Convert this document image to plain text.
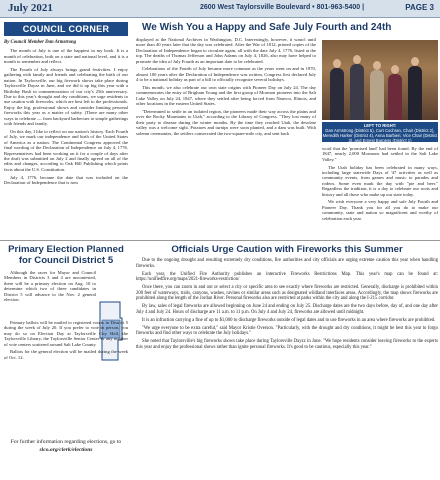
July 2021	2600 West Taylorsville Boulevard • 801-963-5400 |	PAGE 3
COUNCIL CORNER	We Wish You a Happy and Safe July Fourth and 24th
By Council Member Dan Armstrong

The month of July is one of the happiest in my book. It is a month of celebration, both on a state and national level, and it is a month to remember and reflect.

The Fourth of July always brings grand festivities. I enjoy gathering with family and friends and celebrating the birth of our nation. In Taylorsville, our big firework shows take place during Taylorsville Dayzz in June, and we did it up big this year with a Birthday Bash in commemoration of our city's 25th anniversary. Due to this year's drought and dry conditions, we urge residents to use caution with fireworks, which are best left to the professionals. Enjoy the big, professional shows and consider limiting personal fireworks this year as a matter of safety. (There are many other ways to celebrate — from backyard barbecues to simple gatherings with friends and family.

On this day, I like to reflect on our nation's history. Each Fourth of July, we mark our independence and birth of the United States of America as a nation. The Continental Congress approved the final wording of the Declaration of Independence on July 4, 1776. Representatives had been working on it for a couple of days after the draft was submitted on July 2 and finally agreed on all of the edits and changes, according to Oak Hill Publishing which prints facts about the U.S. Constitution.

July 4, 1776, became the date that was included on the Declaration of Independence that is now

displayed at the National Archives in Washington, D.C. Interestingly, however, it wasn't until more than 40 years later that the day was celebrated. After the War of 1812, printed copies of the Declaration of Independence began to circulate again, all with the date July 4, 1776, listed at the top. The deaths of Thomas Jefferson and John Adams on July 4, 1826, also may have helped to promote the idea of July Fourth as an important date to be celebrated.

Celebrations of the Fourth of July became more common as the years went on and in 1870, almost 100 years after the Declaration of Independence was written, Congress first declared July 4 to be a national holiday as part of a bill to officially recognize several holidays.

This month, we also celebrate our own state origins with Pioneer Day on July 24. The day commemorates the entry of Brigham Young and the first group of Mormon pioneers into the Salt Lake Valley on July 24, 1847, where they settled after being forced from Nauvoo, Illinois, and other locations in the eastern United States.

"Determined to settle in an isolated region, the pioneers made their way across the plains and over the Rocky Mountains to Utah," according to the Library of Congress. "They lost many of their party to disease during the winter months. By the time they reached Utah, the desolate valley was a welcome sight. Potatoes and turnips were soon planted, and a dam was built. With solemn ceremonies, the settlers consecrated the two-square-mile city, and sent back

LEFT TO RIGHT:
Dan Armstrong (District 5), Curt Cochran, Chair (District 2), Meredith Harker (District 4), Anna Barbieri, Vice Chair (District 3), and Ernest Burgess (District 1)

word that the 'promised land' had been found. By the end of 1847, nearly 2,000 Mormons had settled in the Salt Lake Valley."

The Utah holiday has been celebrated in many ways, including large statewide Days of '47 activities as well as community events, from games and music to parades and rodeos. Some even mark the day with "pie and beer." Regardless the tradition, it is a day to celebrate our roots and history and all those who make up our state today.

We wish everyone a very happy and safe July Fourth and Pioneer Day. Thank you for all you do to make our community, state and nation so magnificent and worthy of celebration each year.

Primary Election Planned for Council District 5

Although the races for Mayor and Council Members in Districts 3 and 4 are uncontested, there will be a primary election on Aug. 10 to determine which two of three candidates in District 5 will advance to the Nov. 2 general election.

Primary ballots will be mailed to registered voters in District 5 during the week of July 20. If you prefer to vote in person, you may do so on Election Day at Taylorsville City Hall, the Taylorsville Library, the Taylorsville Senior Center or any number of vote centers scattered around Salt Lake County.

Ballots for the general election will be mailed during the week of Oct. 12.

For further information regarding elections, go to
slco.org/clerk/elections
Officials Urge Caution with Fireworks this Summer

Due to the ongoing drought and resulting extremely dry conditions, fire authorities and city officials are urging extreme caution this year when handling fireworks.

Each year, the Unified Fire Authority publishes an interactive Fireworks Restrictions Map. This year's map can be found at: https://unifiedfire.org/maps/2021-fireworks-restriction/

Once there, you can zoom in and out or select a city or specific area to see exactly where fireworks are restricted. Generally, discharge is prohibited within 200 feet of waterways, trails, canyons, washes, ravines or similar areas such as designated wildland interfaces areas. Accordingly, the map shows fireworks are prohibited along the length of the Jordan River. Personal fireworks also are restricted at parks within the city and along the I-215 corridor.

By law, sales of legal fireworks are allowed beginning on June 24 and ending on July 25. Discharge dates are the two days before, day of, and one day after July 4 and July 24. Hours of discharge are 11 a.m. to 11 p.m. On July 4 and July 24, fireworks are allowed until midnight.

It is an infraction carrying a fine of up to $1,000 to discharge fireworks outside of legal dates and to use fireworks in an area where fireworks are prohibited.

"We urge everyone to be extra careful," said Mayor Kristie Overson. "Particularly, with the drought and dry conditions, it might be best this year to forgo fireworks and find other ways to celebrate the July holidays."

She noted that Taylorsville's big fireworks shows take place during Taylorsville Dayzz in June. "We hope residents consider leaving fireworks to the experts this year and enjoy the professional shows rather than ignite personal fireworks. It's good to be cautious, especially this year."
